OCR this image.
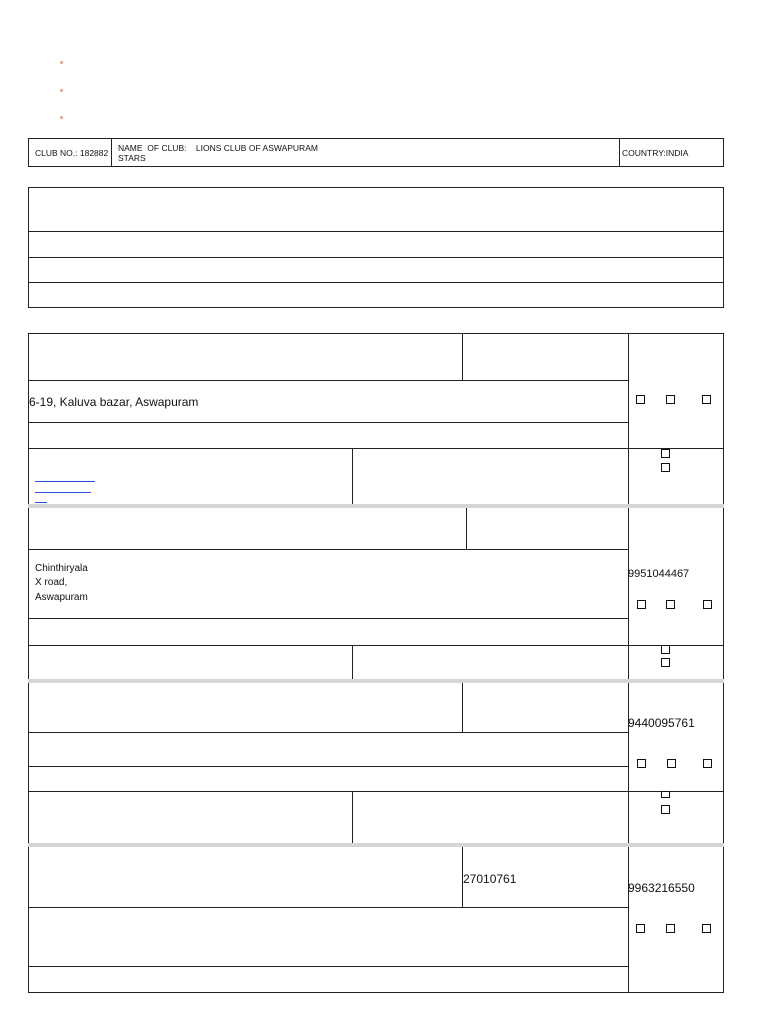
CLUB NO.: 182882 NAME  OF CLUB:    LIONS CLUB OF ASWAPURAM
STARS	COUNTRY:INDIA
6-19, Kaluva bazar, Aswapuram
Chinthiryala
X road,
Aswapuram
9951044467
9440095761
27010761
9963216550
